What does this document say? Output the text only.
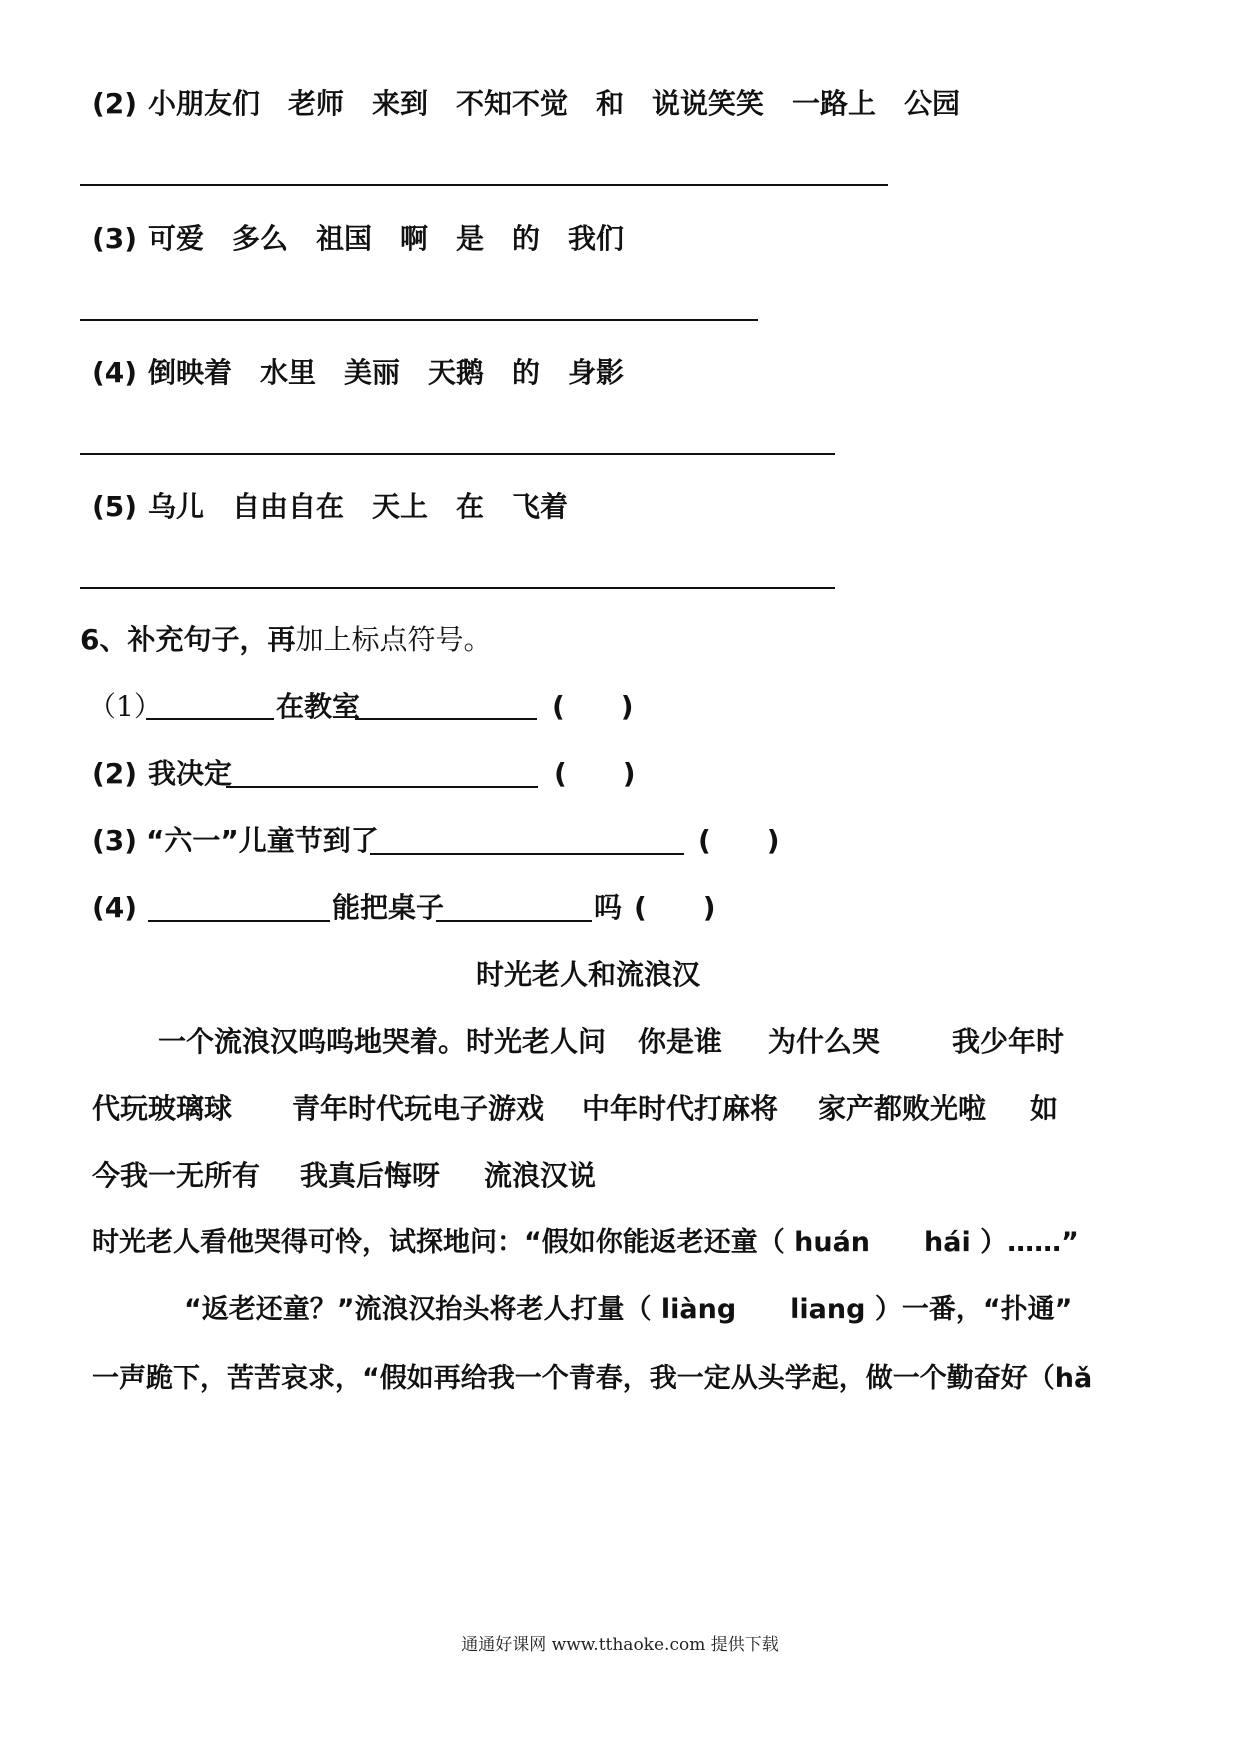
(2) 小朋友们　老师　来到　不知不觉　和　说说笑笑　一路上　公园
(3) 可爱　多么　祖国　啊　是　的　我们
(4) 倒映着　水里　美丽　天鹅　的　身影
(5) 乌儿　自由自在　天上　在　飞着
6、补充句子，再加上标点符号。
（1）	在教室	(　　)
(2) 我决定	(　　)
(3) “六一”儿童节到了	(　　)
(4)	能把桌子	吗 (　　)
时光老人和流浪汉
一个流浪汉呜呜地哭着。时光老人问 你是谁 为什么哭	我少年时
代玩玻璃球 青年时代玩电子游戏 中年时代打麻将 家产都败光啦 如
今我一无所有 我真后悔呀 流浪汉说
时光老人看他哭得可怜，试探地问：“假如你能返老还童（ huán　　hái ）……”
“返老还童？”流浪汉抬头将老人打量（ liàng　　liang ）一番，“扑通”
一声跪下，苦苦哀求，“假如再给我一个青春，我一定从头学起，做一个勤奋好（hǎ
通通好课网 www.tthaoke.com 提供下载
